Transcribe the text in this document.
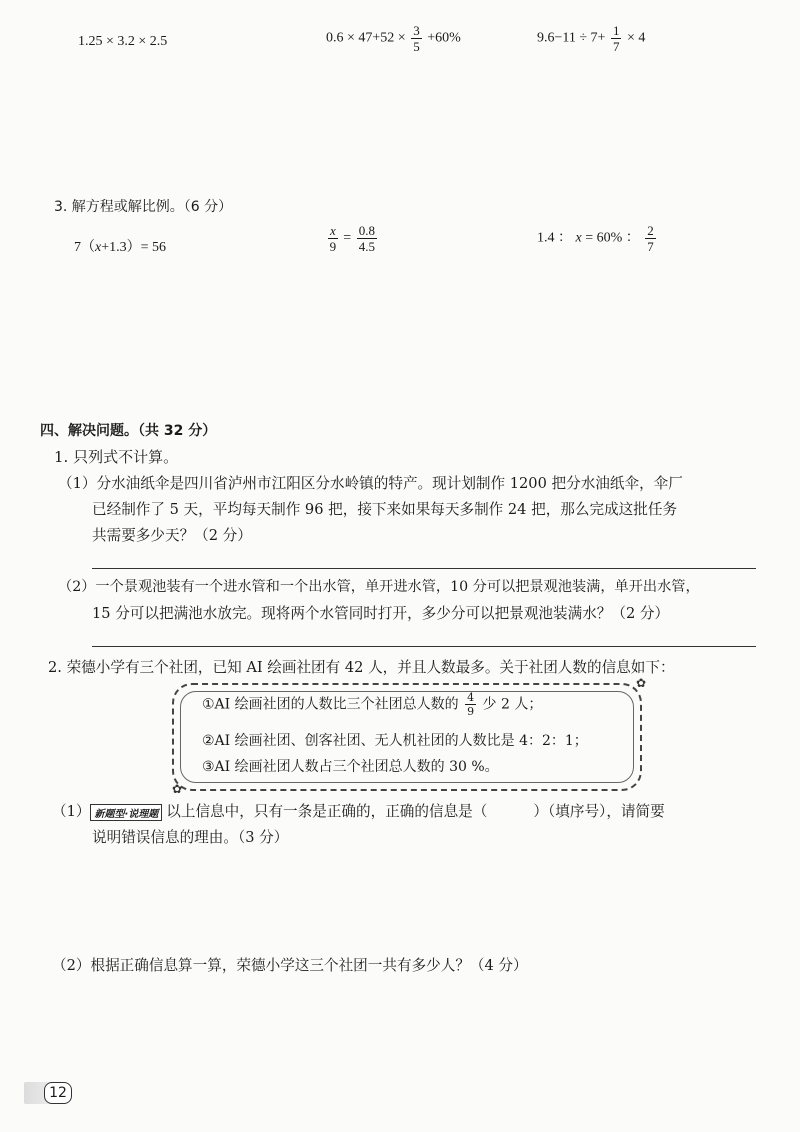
1.25 × 3.2 × 2.5	$0.6 \times 47+52 \times \frac{3}{5} +60\%$	$9.6-11 \div 7+ \frac{1}{7} \times 4$
3. 解方程或解比例。（6 分）
7（x+1.3）= 56	$\frac{x}{9} = \frac{0.8}{4.5}$	1.4 ： x = 60% ： $\frac{2}{7}$
四、解决问题。（共 32 分）
1. 只列式不计算。
（1）分水油纸伞是四川省泸州市江阳区分水岭镇的特产。现计划制作 1200 把分水油纸伞，伞厂
已经制作了 5 天，平均每天制作 96 把，接下来如果每天多制作 24 把，那么完成这批任务
共需要多少天？（2 分）
（2）一个景观池装有一个进水管和一个出水管，单开进水管，10 分可以把景观池装满，单开出水管，
15 分可以把满池水放完。现将两个水管同时打开，多少分可以把景观池装满水？（2 分）
2. 荣德小学有三个社团，已知 AI 绘画社团有 42 人，并且人数最多。关于社团人数的信息如下：
✿
✿
①AI 绘画社团的人数比三个社团总人数的 $\frac{4}{9}$ 少 2 人；
②AI 绘画社团、创客社团、无人机社团的人数比是 4：2：1；
③AI 绘画社团人数占三个社团总人数的 30 %。
（1） 新题型·说理题 以上信息中，只有一条是正确的，正确的信息是（	）（填序号），请简要
说明错误信息的理由。（3 分）
（2）根据正确信息算一算，荣德小学这三个社团一共有多少人？（4 分）
12
